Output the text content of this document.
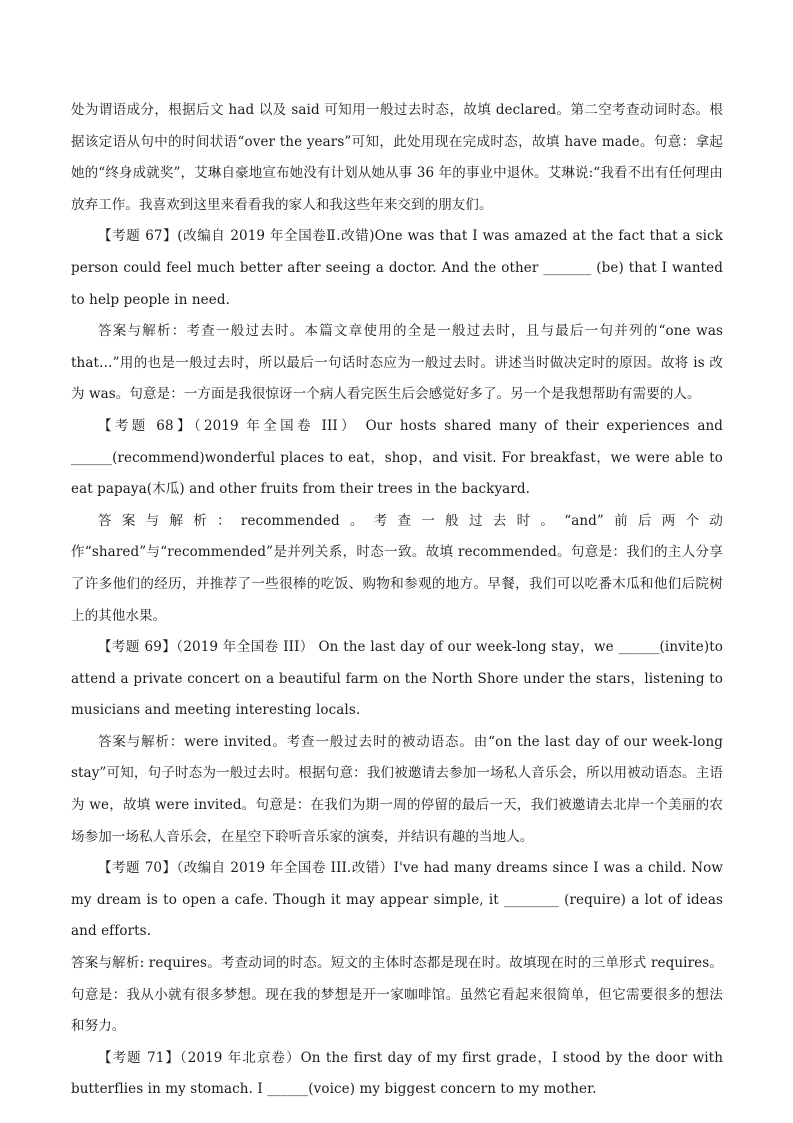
处为谓语成分，根据后文 had 以及 said 可知用一般过去时态，故填 declared。第二空考查动词时态。根据该定语从句中的时间状语“over the years”可知，此处用现在完成时态，故填 have made。句意：拿起她的“终身成就奖”，艾琳自豪地宣布她没有计划从她从事 36 年的事业中退休。艾琳说:“我看不出有任何理由放弃工作。我喜欢到这里来看看我的家人和我这些年来交到的朋友们。

【考题 67】(改编自 2019 年全国卷Ⅱ.改错)One was that I was amazed at the fact that a sick person could feel much better after seeing a doctor. And the other _______ (be) that I wanted to help people in need.

答案与解析：考查一般过去时。本篇文章使用的全是一般过去时，且与最后一句并列的“one was that…”用的也是一般过去时，所以最后一句话时态应为一般过去时。讲述当时做决定时的原因。故将 is 改为 was。句意是：一方面是我很惊讶一个病人看完医生后会感觉好多了。另一个是我想帮助有需要的人。

【考题 68】（2019 年全国卷 III） Our hosts shared many of their experiences and ______(recommend)wonderful places to eat，shop，and visit. For breakfast，we were able to eat papaya(木瓜) and other fruits from their trees in the backyard.

答案与解析：recommended。考查一般过去时。“and”前后两个动作“shared”与“recommended”是并列关系，时态一致。故填 recommended。句意是：我们的主人分享了许多他们的经历，并推荐了一些很棒的吃饭、购物和参观的地方。早餐，我们可以吃番木瓜和他们后院树上的其他水果。

【考题 69】（2019 年全国卷 III） On the last day of our week-long stay，we ______(invite)to attend a private concert on a beautiful farm on the North Shore under the stars，listening to musicians and meeting interesting locals.

答案与解析：were invited。考查一般过去时的被动语态。由“on the last day of our week-long stay”可知，句子时态为一般过去时。根据句意：我们被邀请去参加一场私人音乐会，所以用被动语态。主语为 we，故填 were invited。句意是：在我们为期一周的停留的最后一天，我们被邀请去北岸一个美丽的农场参加一场私人音乐会，在星空下聆听音乐家的演奏，并结识有趣的当地人。

【考题 70】（改编自 2019 年全国卷 III.改错）I've had many dreams since I was a child. Now my dream is to open a cafe. Though it may appear simple, it ________ (require) a lot of ideas and efforts.

答案与解析: requires。考查动词的时态。短文的主体时态都是现在时。故填现在时的三单形式 requires。句意是：我从小就有很多梦想。现在我的梦想是开一家咖啡馆。虽然它看起来很简单，但它需要很多的想法和努力。

【考题 71】（2019 年北京卷）On the first day of my first grade，I stood by the door with butterflies in my stomach. I ______(voice) my biggest concern to my mother.
